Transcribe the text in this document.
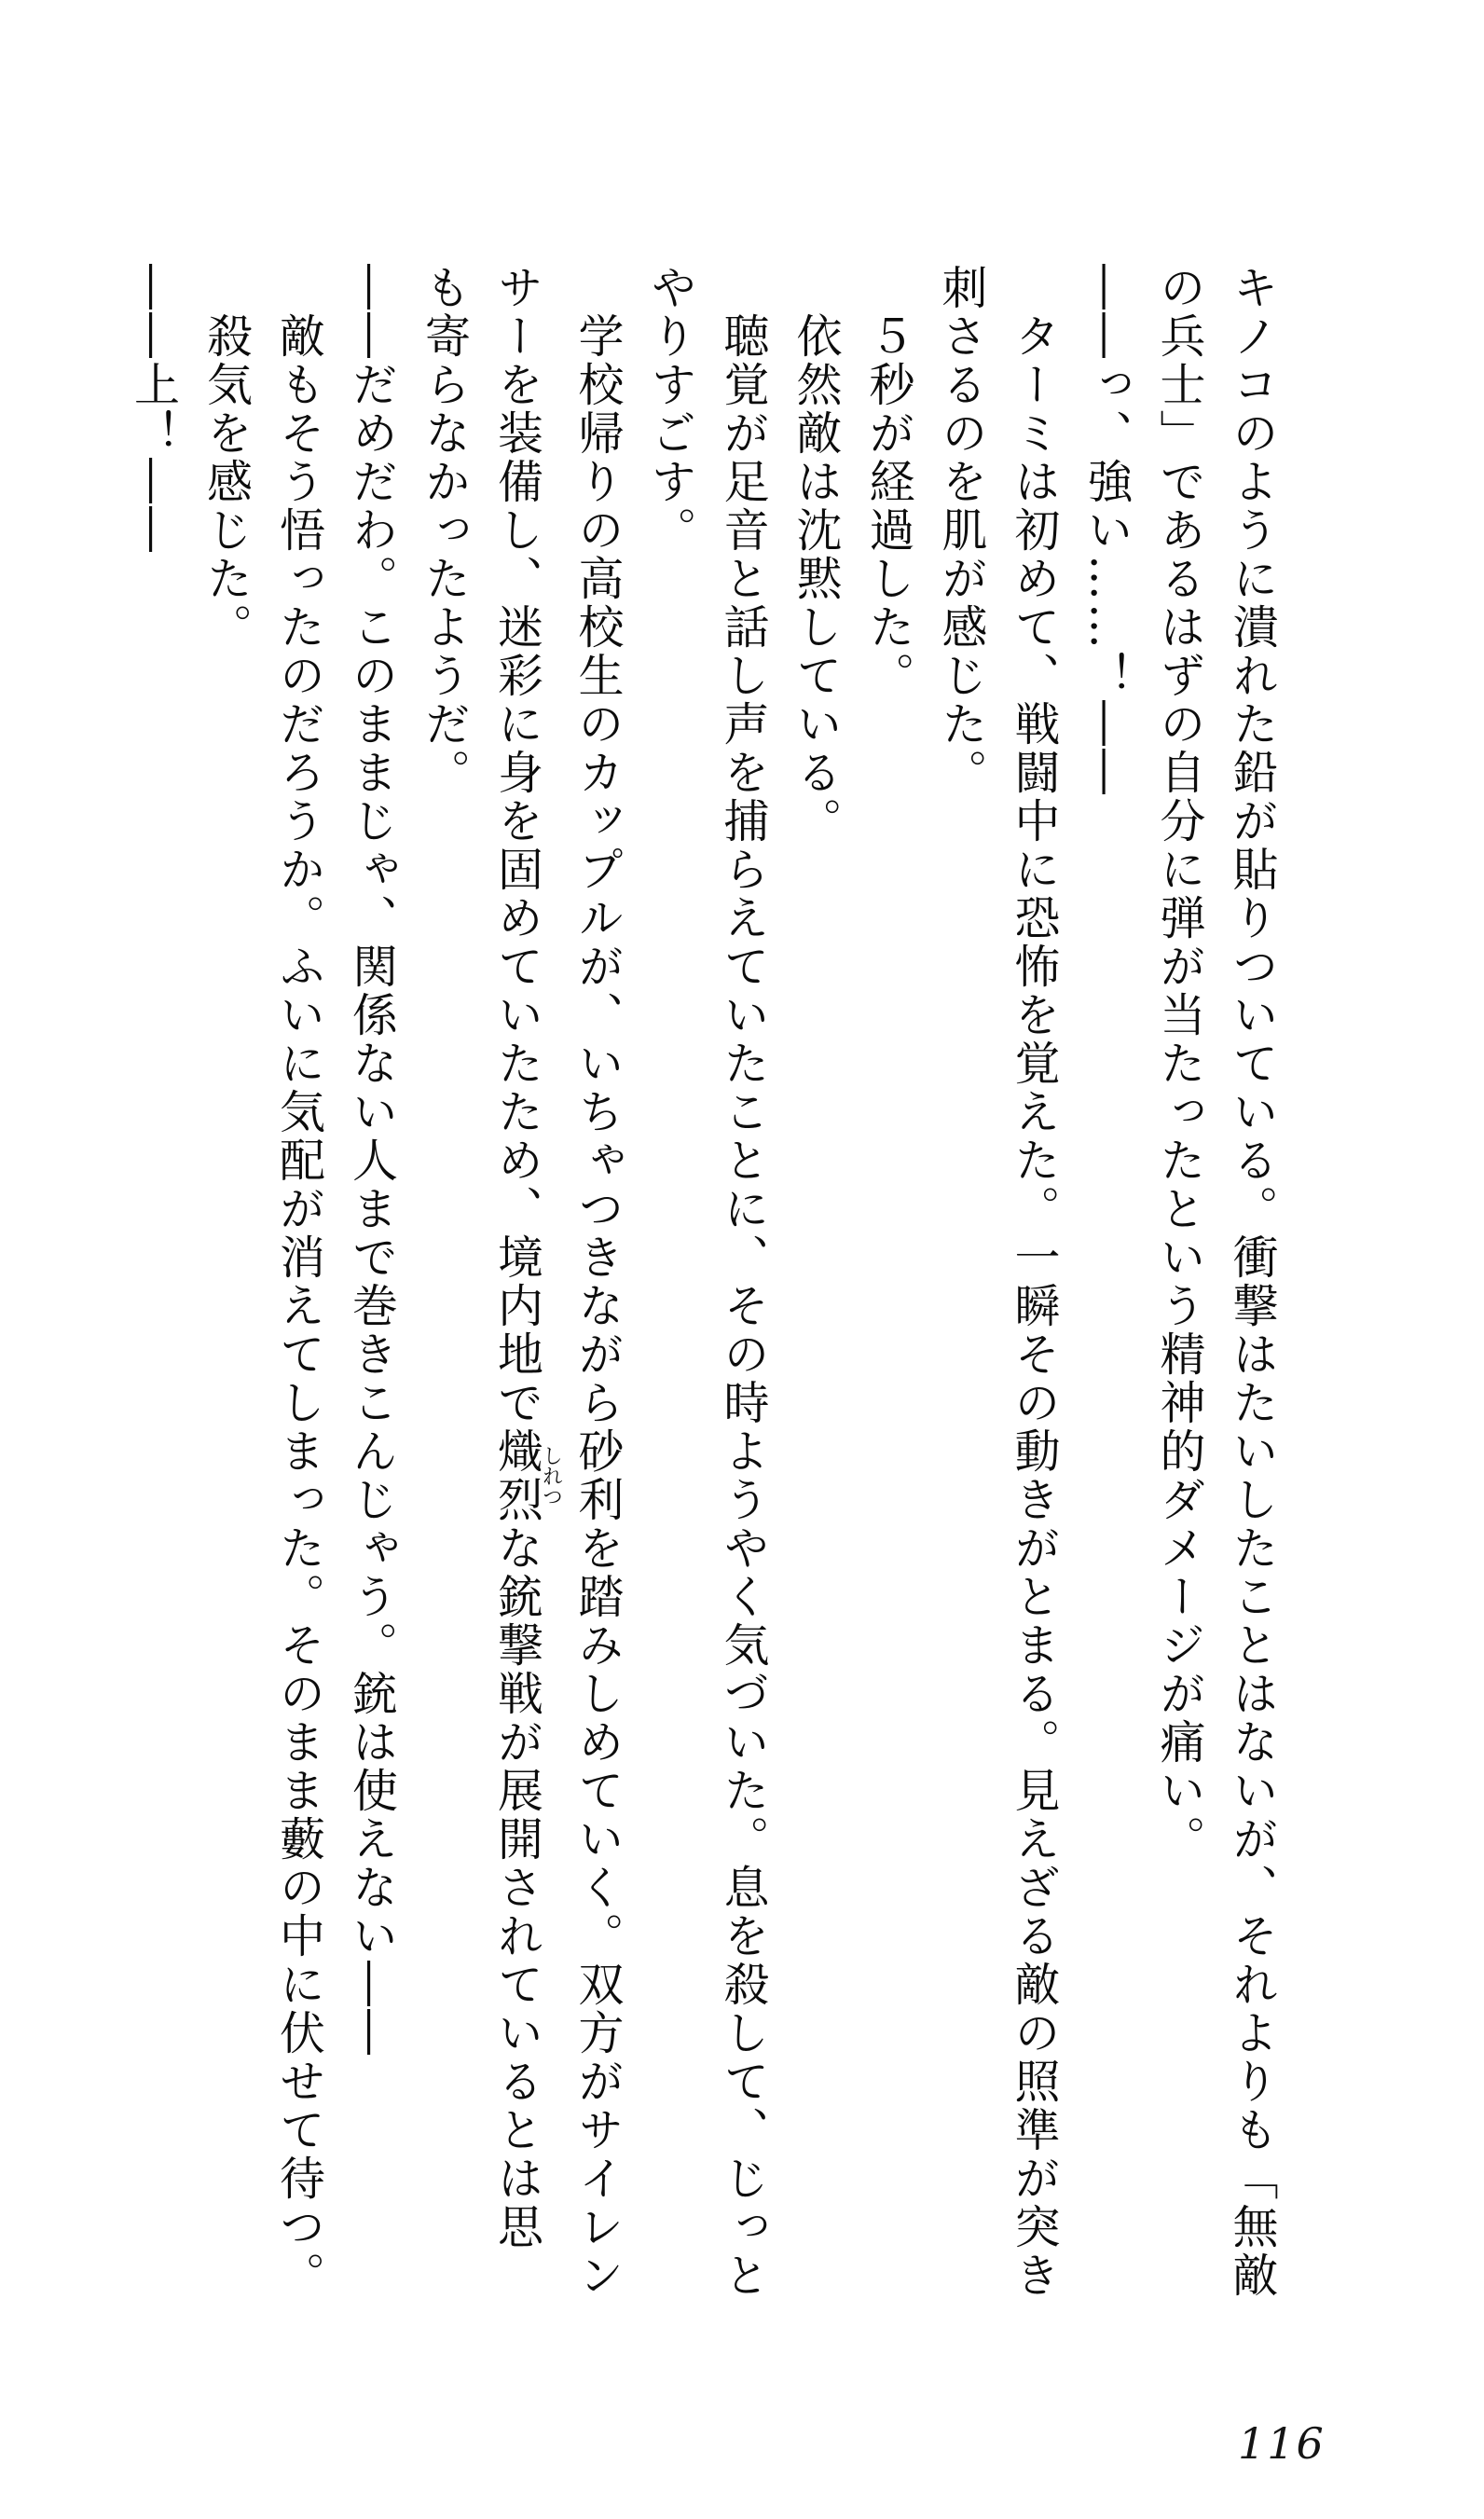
キノコのように潰れた鉛が貼りついている。衝撃はたいしたことはないが、それよりも「無敵

の兵士」であるはずの自分に弾が当たったという精神的ダメージが痛い。

――っ、強い……！――

ターミは初めて、戦闘中に恐怖を覚えた。一瞬その動きがとまる。見えざる敵の照準が突き

刺さるのを肌が感じた。

５秒が経過した。

依然敵は沈黙している。

聴覚が足音と話し声を捕らえていたことに、その時ようやく気づいた。息を殺して、じっと

やりすごす。

学校帰りの高校生のカップルが、いちゃつきながら砂利を踏みしめていく。双方がサイレン

サーを装備し、迷彩に身を固めていたため、境内地で熾烈しれつな銃撃戦が展開されているとは思

も寄らなかったようだ。

――だめだわ。このままじゃ、関係ない人まで巻きこんじゃう。銃は使えない――

敵もそう悟ったのだろうか。ふいに気配が消えてしまった。そのまま藪の中に伏せて待つ。

殺気を感じた。

――上！――

116
